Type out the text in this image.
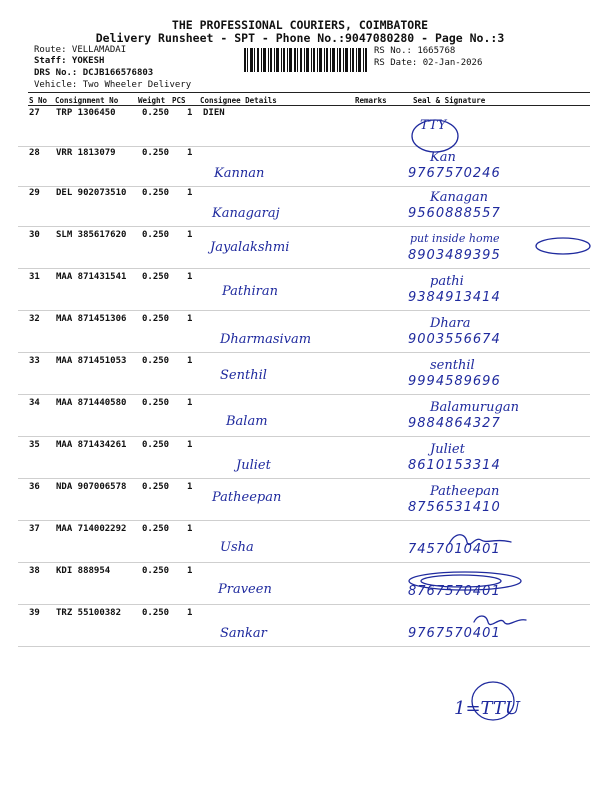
THE PROFESSIONAL COURIERS, COIMBATORE
Delivery Runsheet - SPT - Phone No.:9047080280 - Page No.:3
Route: VELLAMADAI
Staff: YOKESH
DRS No.: DCJB166576803
Vehicle: Two Wheeler Delivery
RS No.: 1665768
RS Date: 02-Jan-2026
S No Consignment No	Weight PCS Consignee Details	Remarks	Seal & Signature
27 TRP 1306450	0.250 1 DIEN
TTY
28 VRR 1813079	0.250 1
Kannan
Kan
9767570246
29 DEL 902073510 0.250 1
Kanagaraj
Kanagan
9560888557
30 SLM 385617620 0.250 1
Jayalakshmi
put inside home
8903489395
31 MAA 871431541 0.250 1
Pathiran
pathi
9384913414
32 MAA 871451306 0.250 1
Dharmasivam
Dhara
9003556674
33 MAA 871451053 0.250 1
Senthil
senthil
9994589696
34 MAA 871440580 0.250 1
Balam
Balamurugan
9884864327
35 MAA 871434261 0.250 1
Juliet
Juliet
8610153314
36 NDA 907006578 0.250 1
Patheepan	Patheepan
8756531410
37 MAA 714002292 0.250 1
Usha	7457010401
38 KDI 888954	0.250 1
Praveen	8767570401
39 TRZ 55100382 0.250 1
Sankar	9767570401
1=TTU
